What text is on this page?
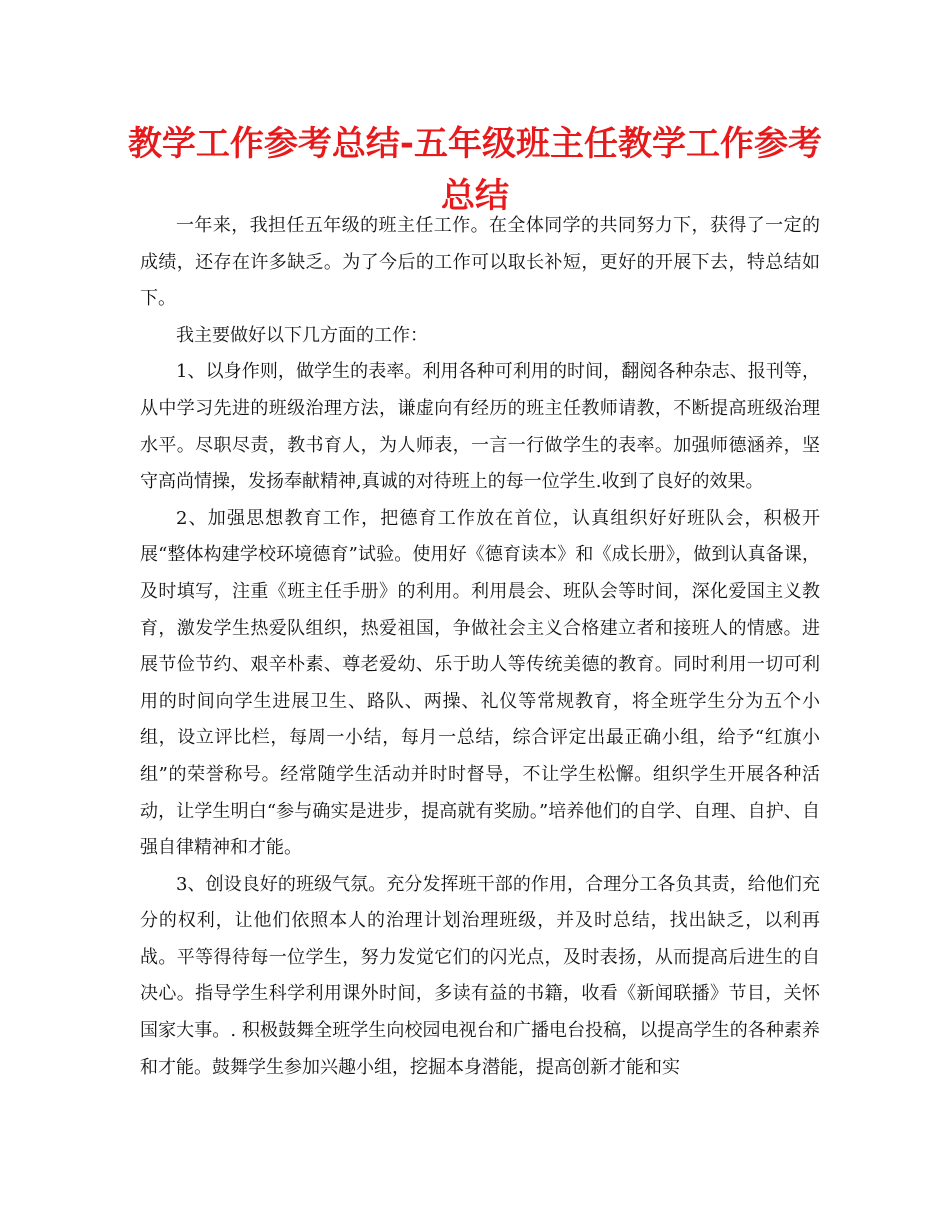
教学工作参考总结-五年级班主任教学工作参考总结

一年来，我担任五年级的班主任工作。在全体同学的共同努力下，获得了一定的成绩，还存在许多缺乏。为了今后的工作可以取长补短，更好的开展下去，特总结如下。

我主要做好以下几方面的工作：

1、以身作则，做学生的表率。利用各种可利用的时间，翻阅各种杂志、报刊等，从中学习先进的班级治理方法，谦虚向有经历的班主任教师请教，不断提高班级治理水平。尽职尽责，教书育人，为人师表，一言一行做学生的表率。加强师德涵养，坚守高尚情操，发扬奉献精神,真诚的对待班上的每一位学生.收到了良好的效果。

2、加强思想教育工作，把德育工作放在首位，认真组织好好班队会，积极开展“整体构建学校环境德育”试验。使用好《德育读本》和《成长册》，做到认真备课，及时填写，注重《班主任手册》的利用。利用晨会、班队会等时间，深化爱国主义教育，激发学生热爱队组织，热爱祖国，争做社会主义合格建立者和接班人的情感。进展节俭节约、艰辛朴素、尊老爱幼、乐于助人等传统美德的教育。同时利用一切可利用的时间向学生进展卫生、路队、两操、礼仪等常规教育，将全班学生分为五个小组，设立评比栏，每周一小结，每月一总结，综合评定出最正确小组，给予“红旗小组”的荣誉称号。经常随学生活动并时时督导，不让学生松懈。组织学生开展各种活动，让学生明白“参与确实是进步，提高就有奖励。”培养他们的自学、自理、自护、自强自律精神和才能。

3、创设良好的班级气氛。充分发挥班干部的作用，合理分工各负其责，给他们充分的权利，让他们依照本人的治理计划治理班级，并及时总结，找出缺乏，以利再战。平等得待每一位学生，努力发觉它们的闪光点，及时表扬，从而提高后进生的自决心。指导学生科学利用课外时间，多读有益的书籍，收看《新闻联播》节目，关怀国家大事。. 积极鼓舞全班学生向校园电视台和广播电台投稿，以提高学生的各种素养和才能。鼓舞学生参加兴趣小组，挖掘本身潜能，提高创新才能和实
